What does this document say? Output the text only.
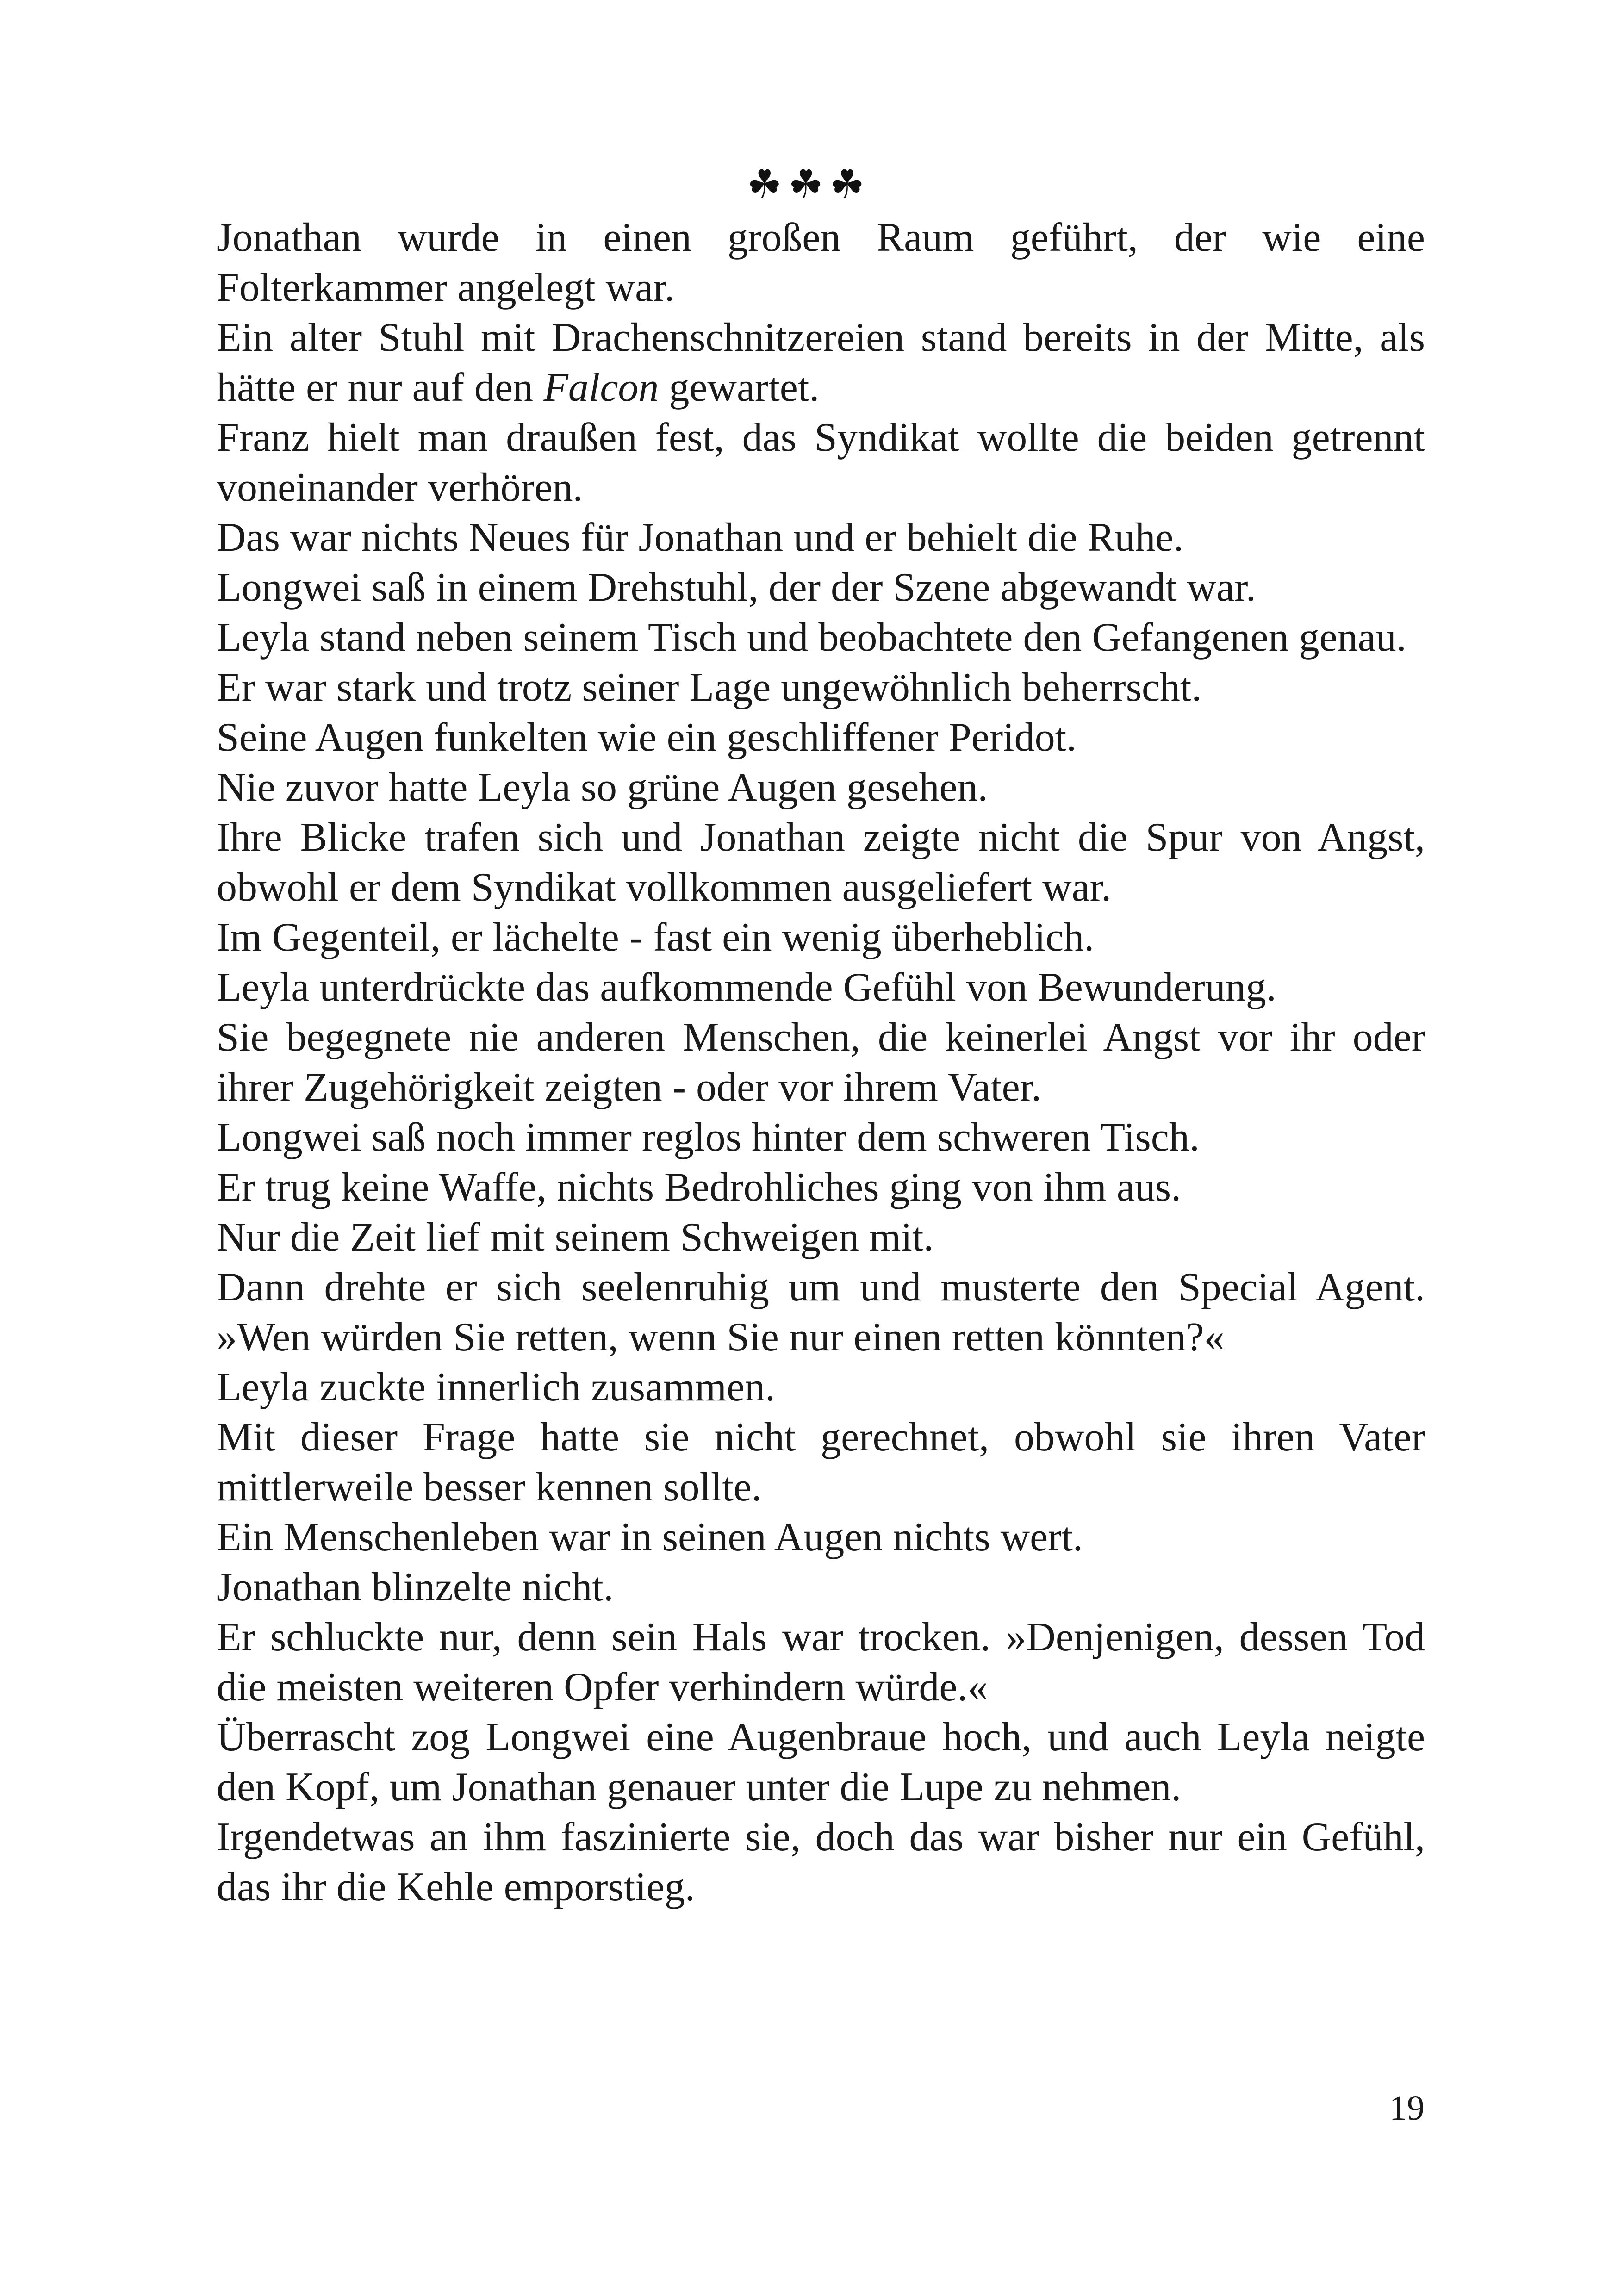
☘☘☘

Jonathan wurde in einen großen Raum geführt, der wie eine Folterkammer angelegt war.

Ein alter Stuhl mit Drachenschnitzereien stand bereits in der Mitte, als hätte er nur auf den Falcon gewartet.

Franz hielt man draußen fest, das Syndikat wollte die beiden getrennt voneinander verhören.

Das war nichts Neues für Jonathan und er behielt die Ruhe.

Longwei saß in einem Drehstuhl, der der Szene abgewandt war.

Leyla stand neben seinem Tisch und beobachtete den Gefangenen genau.

Er war stark und trotz seiner Lage ungewöhnlich beherrscht.

Seine Augen funkelten wie ein geschliffener Peridot.

Nie zuvor hatte Leyla so grüne Augen gesehen.

Ihre Blicke trafen sich und Jonathan zeigte nicht die Spur von Angst, obwohl er dem Syndikat vollkommen ausgeliefert war.

Im Gegenteil, er lächelte - fast ein wenig überheblich.

Leyla unterdrückte das aufkommende Gefühl von Bewunderung.

Sie begegnete nie anderen Menschen, die keinerlei Angst vor ihr oder ihrer Zugehörigkeit zeigten - oder vor ihrem Vater.

Longwei saß noch immer reglos hinter dem schweren Tisch.

Er trug keine Waffe, nichts Bedrohliches ging von ihm aus.

Nur die Zeit lief mit seinem Schweigen mit.

Dann drehte er sich seelenruhig um und musterte den Special Agent. »Wen würden Sie retten, wenn Sie nur einen retten könnten?«

Leyla zuckte innerlich zusammen.

Mit dieser Frage hatte sie nicht gerechnet, obwohl sie ihren Vater mittlerweile besser kennen sollte.

Ein Menschenleben war in seinen Augen nichts wert.

Jonathan blinzelte nicht.

Er schluckte nur, denn sein Hals war trocken. »Denjenigen, dessen Tod die meisten weiteren Opfer verhindern würde.«

Überrascht zog Longwei eine Augenbraue hoch, und auch Leyla neigte den Kopf, um Jonathan genauer unter die Lupe zu nehmen.

Irgendetwas an ihm faszinierte sie, doch das war bisher nur ein Gefühl, das ihr die Kehle emporstieg.

19
